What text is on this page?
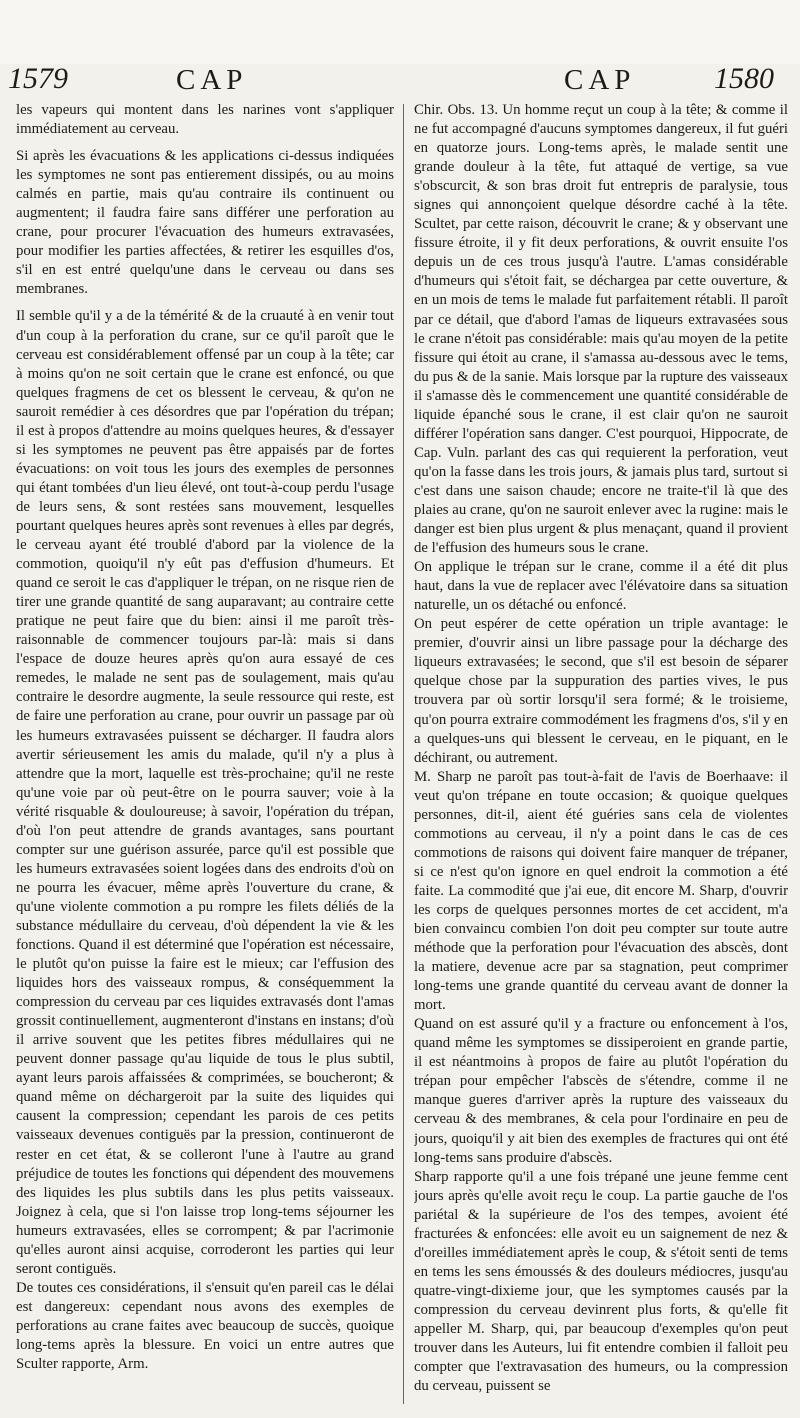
1579	CAP	CAP	1580

les vapeurs qui montent dans les narines vont s'appliquer immédiatement au cerveau.

Si après les évacuations & les applications ci-dessus indiquées les symptomes ne sont pas entierement dissipés, ou au moins calmés en partie, mais qu'au contraire ils continuent ou augmentent; il faudra faire sans différer une perforation au crane, pour procurer l'évacuation des humeurs extravasées, pour modifier les parties affectées, & retirer les esquilles d'os, s'il en est entré quelqu'une dans le cerveau ou dans ses membranes.

Il semble qu'il y a de la témérité & de la cruauté à en venir tout d'un coup à la perforation du crane, sur ce qu'il paroît que le cerveau est considérablement offensé par un coup à la tête; car à moins qu'on ne soit certain que le crane est enfoncé, ou que quelques fragmens de cet os blessent le cerveau, & qu'on ne sauroit remédier à ces désordres que par l'opération du trépan; il est à propos d'attendre au moins quelques heures, & d'essayer si les symptomes ne peuvent pas être appaisés par de fortes évacuations: on voit tous les jours des exemples de personnes qui étant tombées d'un lieu élevé, ont tout-à-coup perdu l'usage de leurs sens, & sont restées sans mouvement, lesquelles pourtant quelques heures après sont revenues à elles par degrés, le cerveau ayant été troublé d'abord par la violence de la commotion, quoiqu'il n'y eût pas d'effusion d'humeurs. Et quand ce seroit le cas d'appliquer le trépan, on ne risque rien de tirer une grande quantité de sang auparavant; au contraire cette pratique ne peut faire que du bien: ainsi il me paroît très-raisonnable de commencer toujours par-là: mais si dans l'espace de douze heures après qu'on aura essayé de ces remedes, le malade ne sent pas de soulagement, mais qu'au contraire le desordre augmente, la seule ressource qui reste, est de faire une perforation au crane, pour ouvrir un passage par où les humeurs extravasées puissent se décharger. Il faudra alors avertir sérieusement les amis du malade, qu'il n'y a plus à attendre que la mort, laquelle est très-prochaine; qu'il ne reste qu'une voie par où peut-être on le pourra sauver; voie à la vérité risquable & douloureuse; à savoir, l'opération du trépan, d'où l'on peut attendre de grands avantages, sans pourtant compter sur une guérison assurée, parce qu'il est possible que les humeurs extravasées soient logées dans des endroits d'où on ne pourra les évacuer, même après l'ouverture du crane, & qu'une violente commotion a pu rompre les filets déliés de la substance médullaire du cerveau, d'où dépendent la vie & les fonctions. Quand il est déterminé que l'opération est nécessaire, le plutôt qu'on puisse la faire est le mieux; car l'effusion des liquides hors des vaisseaux rompus, & conséquemment la compression du cerveau par ces liquides extravasés dont l'amas grossit continuellement, augmenteront d'instans en instans; d'où il arrive souvent que les petites fibres médullaires qui ne peuvent donner passage qu'au liquide de tous le plus subtil, ayant leurs parois affaissées & comprimées, se boucheront; & quand même on déchargeroit par la suite des liquides qui causent la compression; cependant les parois de ces petits vaisseaux devenues contiguës par la pression, continueront de rester en cet état, & se colleront l'une à l'autre au grand préjudice de toutes les fonctions qui dépendent des mouvemens des liquides les plus subtils dans les plus petits vaisseaux. Joignez à cela, que si l'on laisse trop long-tems séjourner les humeurs extravasées, elles se corrompent; & par l'acrimonie qu'elles auront ainsi acquise, corroderont les parties qui leur seront contiguës.

De toutes ces considérations, il s'ensuit qu'en pareil cas le délai est dangereux: cependant nous avons des exemples de perforations au crane faites avec beaucoup de succès, quoique long-tems après la blessure. En voici un entre autres que Sculter rapporte, Arm.

Chir. Obs. 13. Un homme reçut un coup à la tête; & comme il ne fut accompagné d'aucuns symptomes dangereux, il fut guéri en quatorze jours. Long-tems après, le malade sentit une grande douleur à la tête, fut attaqué de vertige, sa vue s'obscurcit, & son bras droit fut entrepris de paralysie, tous signes qui annonçoient quelque désordre caché à la tête. Scultet, par cette raison, découvrit le crane; & y observant une fissure étroite, il y fit deux perforations, & ouvrit ensuite l'os depuis un de ces trous jusqu'à l'autre. L'amas considérable d'humeurs qui s'étoit fait, se déchargea par cette ouverture, & en un mois de tems le malade fut parfaitement rétabli. Il paroît par ce détail, que d'abord l'amas de liqueurs extravasées sous le crane n'étoit pas considérable: mais qu'au moyen de la petite fissure qui étoit au crane, il s'amassa au-dessous avec le tems, du pus & de la sanie. Mais lorsque par la rupture des vaisseaux il s'amasse dès le commencement une quantité considérable de liquide épanché sous le crane, il est clair qu'on ne sauroit différer l'opération sans danger. C'est pourquoi, Hippocrate, de Cap. Vuln. parlant des cas qui requierent la perforation, veut qu'on la fasse dans les trois jours, & jamais plus tard, surtout si c'est dans une saison chaude; encore ne traite-t'il là que des plaies au crane, qu'on ne sauroit enlever avec la rugine: mais le danger est bien plus urgent & plus menaçant, quand il provient de l'effusion des humeurs sous le crane.

On applique le trépan sur le crane, comme il a été dit plus haut, dans la vue de replacer avec l'élévatoire dans sa situation naturelle, un os détaché ou enfoncé.

On peut espérer de cette opération un triple avantage: le premier, d'ouvrir ainsi un libre passage pour la décharge des liqueurs extravasées; le second, que s'il est besoin de séparer quelque chose par la suppuration des parties vives, le pus trouvera par où sortir lorsqu'il sera formé; & le troisieme, qu'on pourra extraire commodément les fragmens d'os, s'il y en a quelques-uns qui blessent le cerveau, en le piquant, en le déchirant, ou autrement.

M. Sharp ne paroît pas tout-à-fait de l'avis de Boerhaave: il veut qu'on trépane en toute occasion; & quoique quelques personnes, dit-il, aient été guéries sans cela de violentes commotions au cerveau, il n'y a point dans le cas de ces commotions de raisons qui doivent faire manquer de trépaner, si ce n'est qu'on ignore en quel endroit la commotion a été faite. La commodité que j'ai eue, dit encore M. Sharp, d'ouvrir les corps de quelques personnes mortes de cet accident, m'a bien convaincu combien l'on doit peu compter sur toute autre méthode que la perforation pour l'évacuation des abscès, dont la matiere, devenue acre par sa stagnation, peut comprimer long-tems une grande quantité du cerveau avant de donner la mort.

Quand on est assuré qu'il y a fracture ou enfoncement à l'os, quand même les symptomes se dissiperoient en grande partie, il est néantmoins à propos de faire au plutôt l'opération du trépan pour empêcher l'abscès de s'étendre, comme il ne manque gueres d'arriver après la rupture des vaisseaux du cerveau & des membranes, & cela pour l'ordinaire en peu de jours, quoiqu'il y ait bien des exemples de fractures qui ont été long-tems sans produire d'abscès.

Sharp rapporte qu'il a une fois trépané une jeune femme cent jours après qu'elle avoit reçu le coup. La partie gauche de l'os pariétal & la supérieure de l'os des tempes, avoient été fracturées & enfoncées: elle avoit eu un saignement de nez & d'oreilles immédiatement après le coup, & s'étoit senti de tems en tems les sens émoussés & des douleurs médiocres, jusqu'au quatre-vingt-dixieme jour, que les symptomes causés par la compression du cerveau devinrent plus forts, & qu'elle fit appeller M. Sharp, qui, par beaucoup d'exemples qu'on peut trouver dans les Auteurs, lui fit entendre combien il falloit peu compter que l'extravasation des humeurs, ou la compression du cerveau, puissent se
